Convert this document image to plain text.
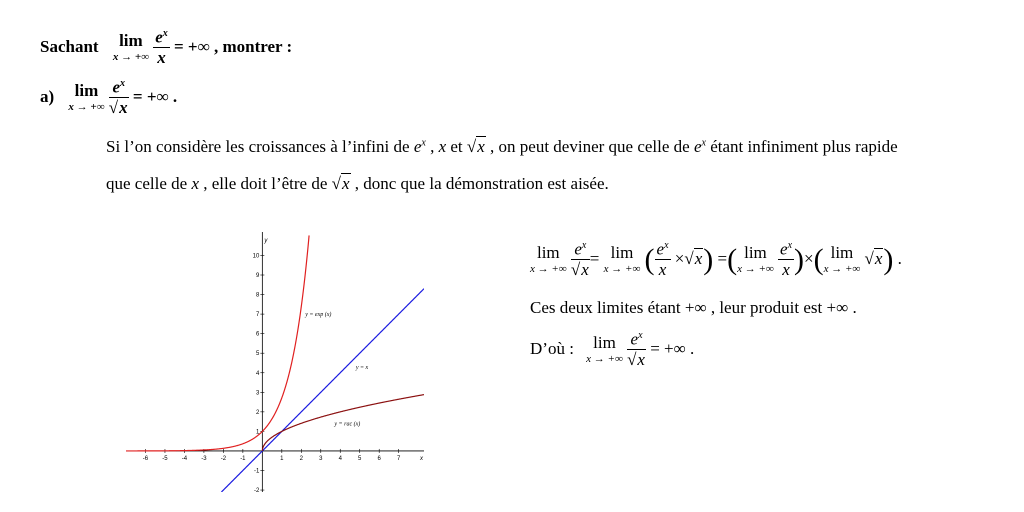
Sachant	lim
x → +∞
$\frac{e^x}{x}$ = +∞ , montrer :
a)	lim
x → +∞
$\frac{e^x}{√x}$ = +∞ .
Si l’on considère les croissances à l’infini de $e^x$ , x et √x , on peut deviner que celle de $e^x$ étant infiniment plus rapide
que celle de x , elle doit l’être de √x , donc que la démonstration est aisée.
-6 -5 -4 -3 -2 -1	1	2	3	4	5	6	7
-2
-1
1
2
3
4
5
6
7
8
9
10
x
y
y = exp (x)
y = x
y = rac (x)
lim
x → +∞
$\frac{e^x}{√x} = \lim$
x → +∞ ( $\frac{e^x}{x} \times√x$) =( lim
x → +∞
$\frac{e^x}{x}$ )×( lim
x → +∞
√x) .
Ces deux limites étant +∞ , leur produit est +∞ .
D’où :	lim
x → +∞
$\frac{e^x}{√x}$ = +∞ .
